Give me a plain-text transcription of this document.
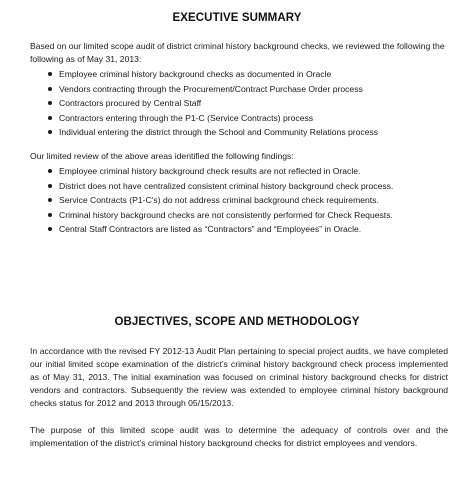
EXECUTIVE SUMMARY
Based on our limited scope audit of district criminal history background checks, we reviewed the following the following as of May 31, 2013:
Employee criminal history background checks as documented in Oracle
Vendors contracting through the Procurement/Contract Purchase Order process
Contractors procured by Central Staff
Contractors entering through the P1-C (Service Contracts) process
Individual entering the district through the School and Community Relations process
Our limited review of the above areas identified the following findings:
Employee criminal history background check results are not reflected in Oracle.
District does not have centralized consistent criminal history background check process.
Service Contracts (P1-C’s) do not address criminal background check requirements.
Criminal history background checks are not consistently performed for Check Requests.
Central Staff Contractors are listed as “Contractors” and “Employees” in Oracle.
OBJECTIVES, SCOPE AND METHODOLOGY
In accordance with the revised FY 2012-13 Audit Plan pertaining to special project audits, we have completed our initial limited scope examination of the district’s criminal history background check process implemented as of May 31, 2013. The initial examination was focused on criminal history background checks for district vendors and contractors. Subsequently the review was extended to employee criminal history background checks status for 2012 and 2013 through 05/15/2013.
The purpose of this limited scope audit was to determine the adequacy of controls over and the implementation of the district’s criminal history background checks for district employees and vendors.
